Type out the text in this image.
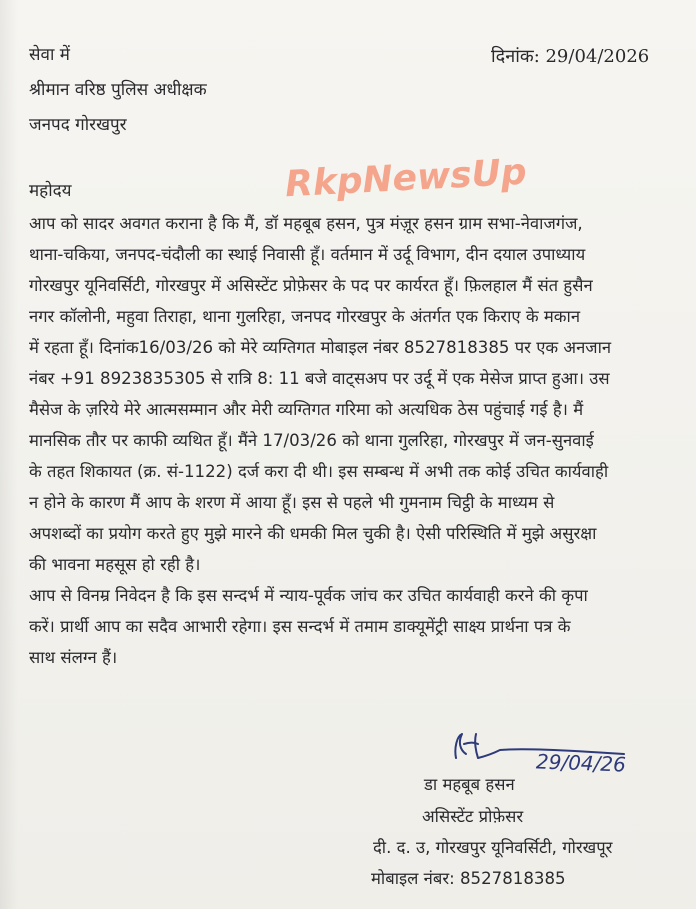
सेवा में
श्रीमान वरिष्ठ पुलिस अधीक्षक
जनपद गोरखपुर
दिनांक: 29/04/2026
RkpNewsUp
महोदय
आप को सादर अवगत कराना है कि मैं, डॉ महबूब हसन, पुत्र मंज़ूर हसन ग्राम सभा-नेवाजगंज,
थाना-चकिया, जनपद-चंदौली का स्थाई निवासी हूँ। वर्तमान में उर्दू विभाग, दीन दयाल उपाध्याय
गोरखपुर यूनिवर्सिटी, गोरखपुर में असिस्टेंट प्रोफ़ेसर के पद पर कार्यरत हूँ। फ़िलहाल मैं संत हुसैन
नगर कॉलोनी, महुवा तिराहा, थाना गुलरिहा, जनपद गोरखपुर के अंतर्गत एक किराए के मकान
में रहता हूँ। दिनांक16/03/26 को मेरे व्यग्तिगत मोबाइल नंबर 8527818385 पर एक अनजान
नंबर +91 8923835305 से रात्रि 8: 11 बजे वाट्सअप पर उर्दू में एक मेसेज प्राप्त हुआ। उस
मैसेज के ज़रिये मेरे आत्मसम्मान और मेरी व्यग्तिगत गरिमा को अत्यधिक ठेस पहुंचाई गई है। मैं
मानसिक तौर पर काफी व्यथित हूँ। मैंने 17/03/26 को थाना गुलरिहा, गोरखपुर में जन-सुनवाई
के तहत शिकायत (क्र. सं-1122) दर्ज करा दी थी। इस सम्बन्ध में अभी तक कोई उचित कार्यवाही
न होने के कारण मैं आप के शरण में आया हूँ। इस से पहले भी गुमनाम चिट्ठी के माध्यम से
अपशब्दों का प्रयोग करते हुए मुझे मारने की धमकी मिल चुकी है। ऐसी परिस्थिति में मुझे असुरक्षा
की भावना महसूस हो रही है।
आप से विनम्र निवेदन है कि इस सन्दर्भ में न्याय-पूर्वक जांच कर उचित कार्यवाही करने की कृपा
करें। प्रार्थी आप का सदैव आभारी रहेगा। इस सन्दर्भ में तमाम डाक्यूमेंट्री साक्ष्य प्रार्थना पत्र के
साथ संलग्न हैं।
29/04/26
डा महबूब हसन
असिस्टेंट प्रोफ़ेसर
दी. द. उ, गोरखपुर यूनिवर्सिटी, गोरखपूर
मोबाइल नंबर: 8527818385
